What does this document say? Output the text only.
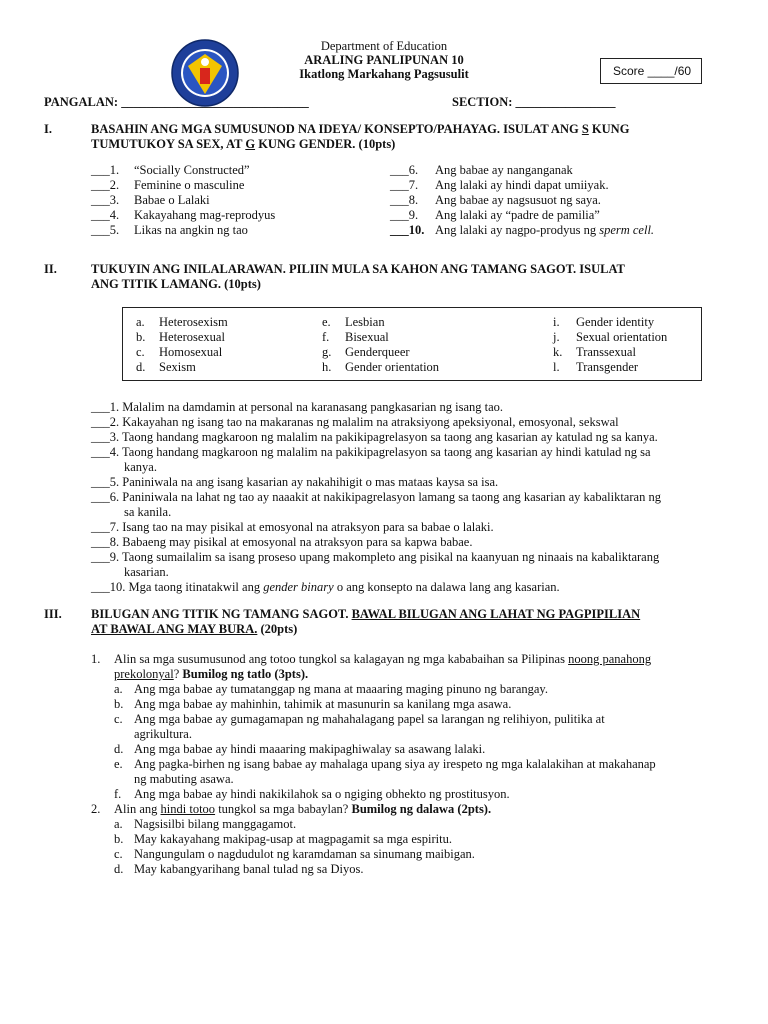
Department of Education
ARALING PANLIPUNAN 10
Ikatlong Markahang Pagsusulit	Score ____/60
PANGALAN: ______________________________	SECTION: ________________
I.	BASAHIN ANG MGA SUMUSUNOD NA IDEYA/ KONSEPTO/PAHAYAG. ISULAT ANG S KUNG
TUMUTUKOY SA SEX, AT G KUNG GENDER. (10pts)
___1. “Socially Constructed”
___2. Feminine o masculine
___3. Babae o Lalaki
___4. Kakayahang mag-reprodyus
___5. Likas na angkin ng tao
___6. Ang babae ay nanganganak
___7. Ang lalaki ay hindi dapat umiiyak.
___8. Ang babae ay nagsusuot ng saya.
___9. Ang lalaki ay “padre de pamilia”
___10. Ang lalaki ay nagpo-prodyus ng sperm cell.
II.	TUKUYIN ANG INILALARAWAN. PILIIN MULA SA KAHON ANG TAMANG SAGOT. ISULAT
ANG TITIK LAMANG. (10pts)
a. Heterosexism
b. Heterosexual
c. Homosexual
d. Sexism
e. Lesbian
f. Bisexual
g. Genderqueer
h. Gender orientation
i. Gender identity
j. Sexual orientation
k. Transsexual
l. Transgender
___1. Malalim na damdamin at personal na karanasang pangkasarian ng isang tao.
___2. Kakayahan ng isang tao na makaranas ng malalim na atraksiyong apeksiyonal, emosyonal, sekswal
___3. Taong handang magkaroon ng malalim na pakikipagrelasyon sa taong ang kasarian ay katulad ng sa kanya.
___4. Taong handang magkaroon ng malalim na pakikipagrelasyon sa taong ang kasarian ay hindi katulad ng sa
kanya.
___5. Paniniwala na ang isang kasarian ay nakahihigit o mas mataas kaysa sa isa.
___6. Paniniwala na lahat ng tao ay naaakit at nakikipagrelasyon lamang sa taong ang kasarian ay kabaliktaran ng
sa kanila.
___7. Isang tao na may pisikal at emosyonal na atraksyon para sa babae o lalaki.
___8. Babaeng may pisikal at emosyonal na atraksyon para sa kapwa babae.
___9. Taong sumailalim sa isang proseso upang makompleto ang pisikal na kaanyuan ng ninaais na kabaliktarang
kasarian.
___10. Mga taong itinatakwil ang gender binary o ang konsepto na dalawa lang ang kasarian.
III. BILUGAN ANG TITIK NG TAMANG SAGOT. BAWAL BILUGAN ANG LAHAT NG PAGPIPILIAN
AT BAWAL ANG MAY BURA. (20pts)
1. Alin sa mga susumusunod ang totoo tungkol sa kalagayan ng mga kababaihan sa Pilipinas noong panahong
prekolonyal? Bumilog ng tatlo (3pts).
a. Ang mga babae ay tumatanggap ng mana at maaaring maging pinuno ng barangay.
b. Ang mga babae ay mahinhin, tahimik at masunurin sa kanilang mga asawa.
c. Ang mga babae ay gumagamapan ng mahahalagang papel sa larangan ng relihiyon, pulitika at
agrikultura.
d. Ang mga babae ay hindi maaaring makipaghiwalay sa asawang lalaki.
e. Ang pagka-birhen ng isang babae ay mahalaga upang siya ay irespeto ng mga kalalakihan at makahanap
ng mabuting asawa.
f. Ang mga babae ay hindi nakikilahok sa o ngiging obhekto ng prostitusyon.
2. Alin ang hindi totoo tungkol sa mga babaylan? Bumilog ng dalawa (2pts).
a. Nagsisilbi bilang manggagamot.
b. May kakayahang makipag-usap at magpagamit sa mga espiritu.
c. Nangungulam o nagdudulot ng karamdaman sa sinumang maibigan.
d. May kabangyarihang banal tulad ng sa Diyos.
